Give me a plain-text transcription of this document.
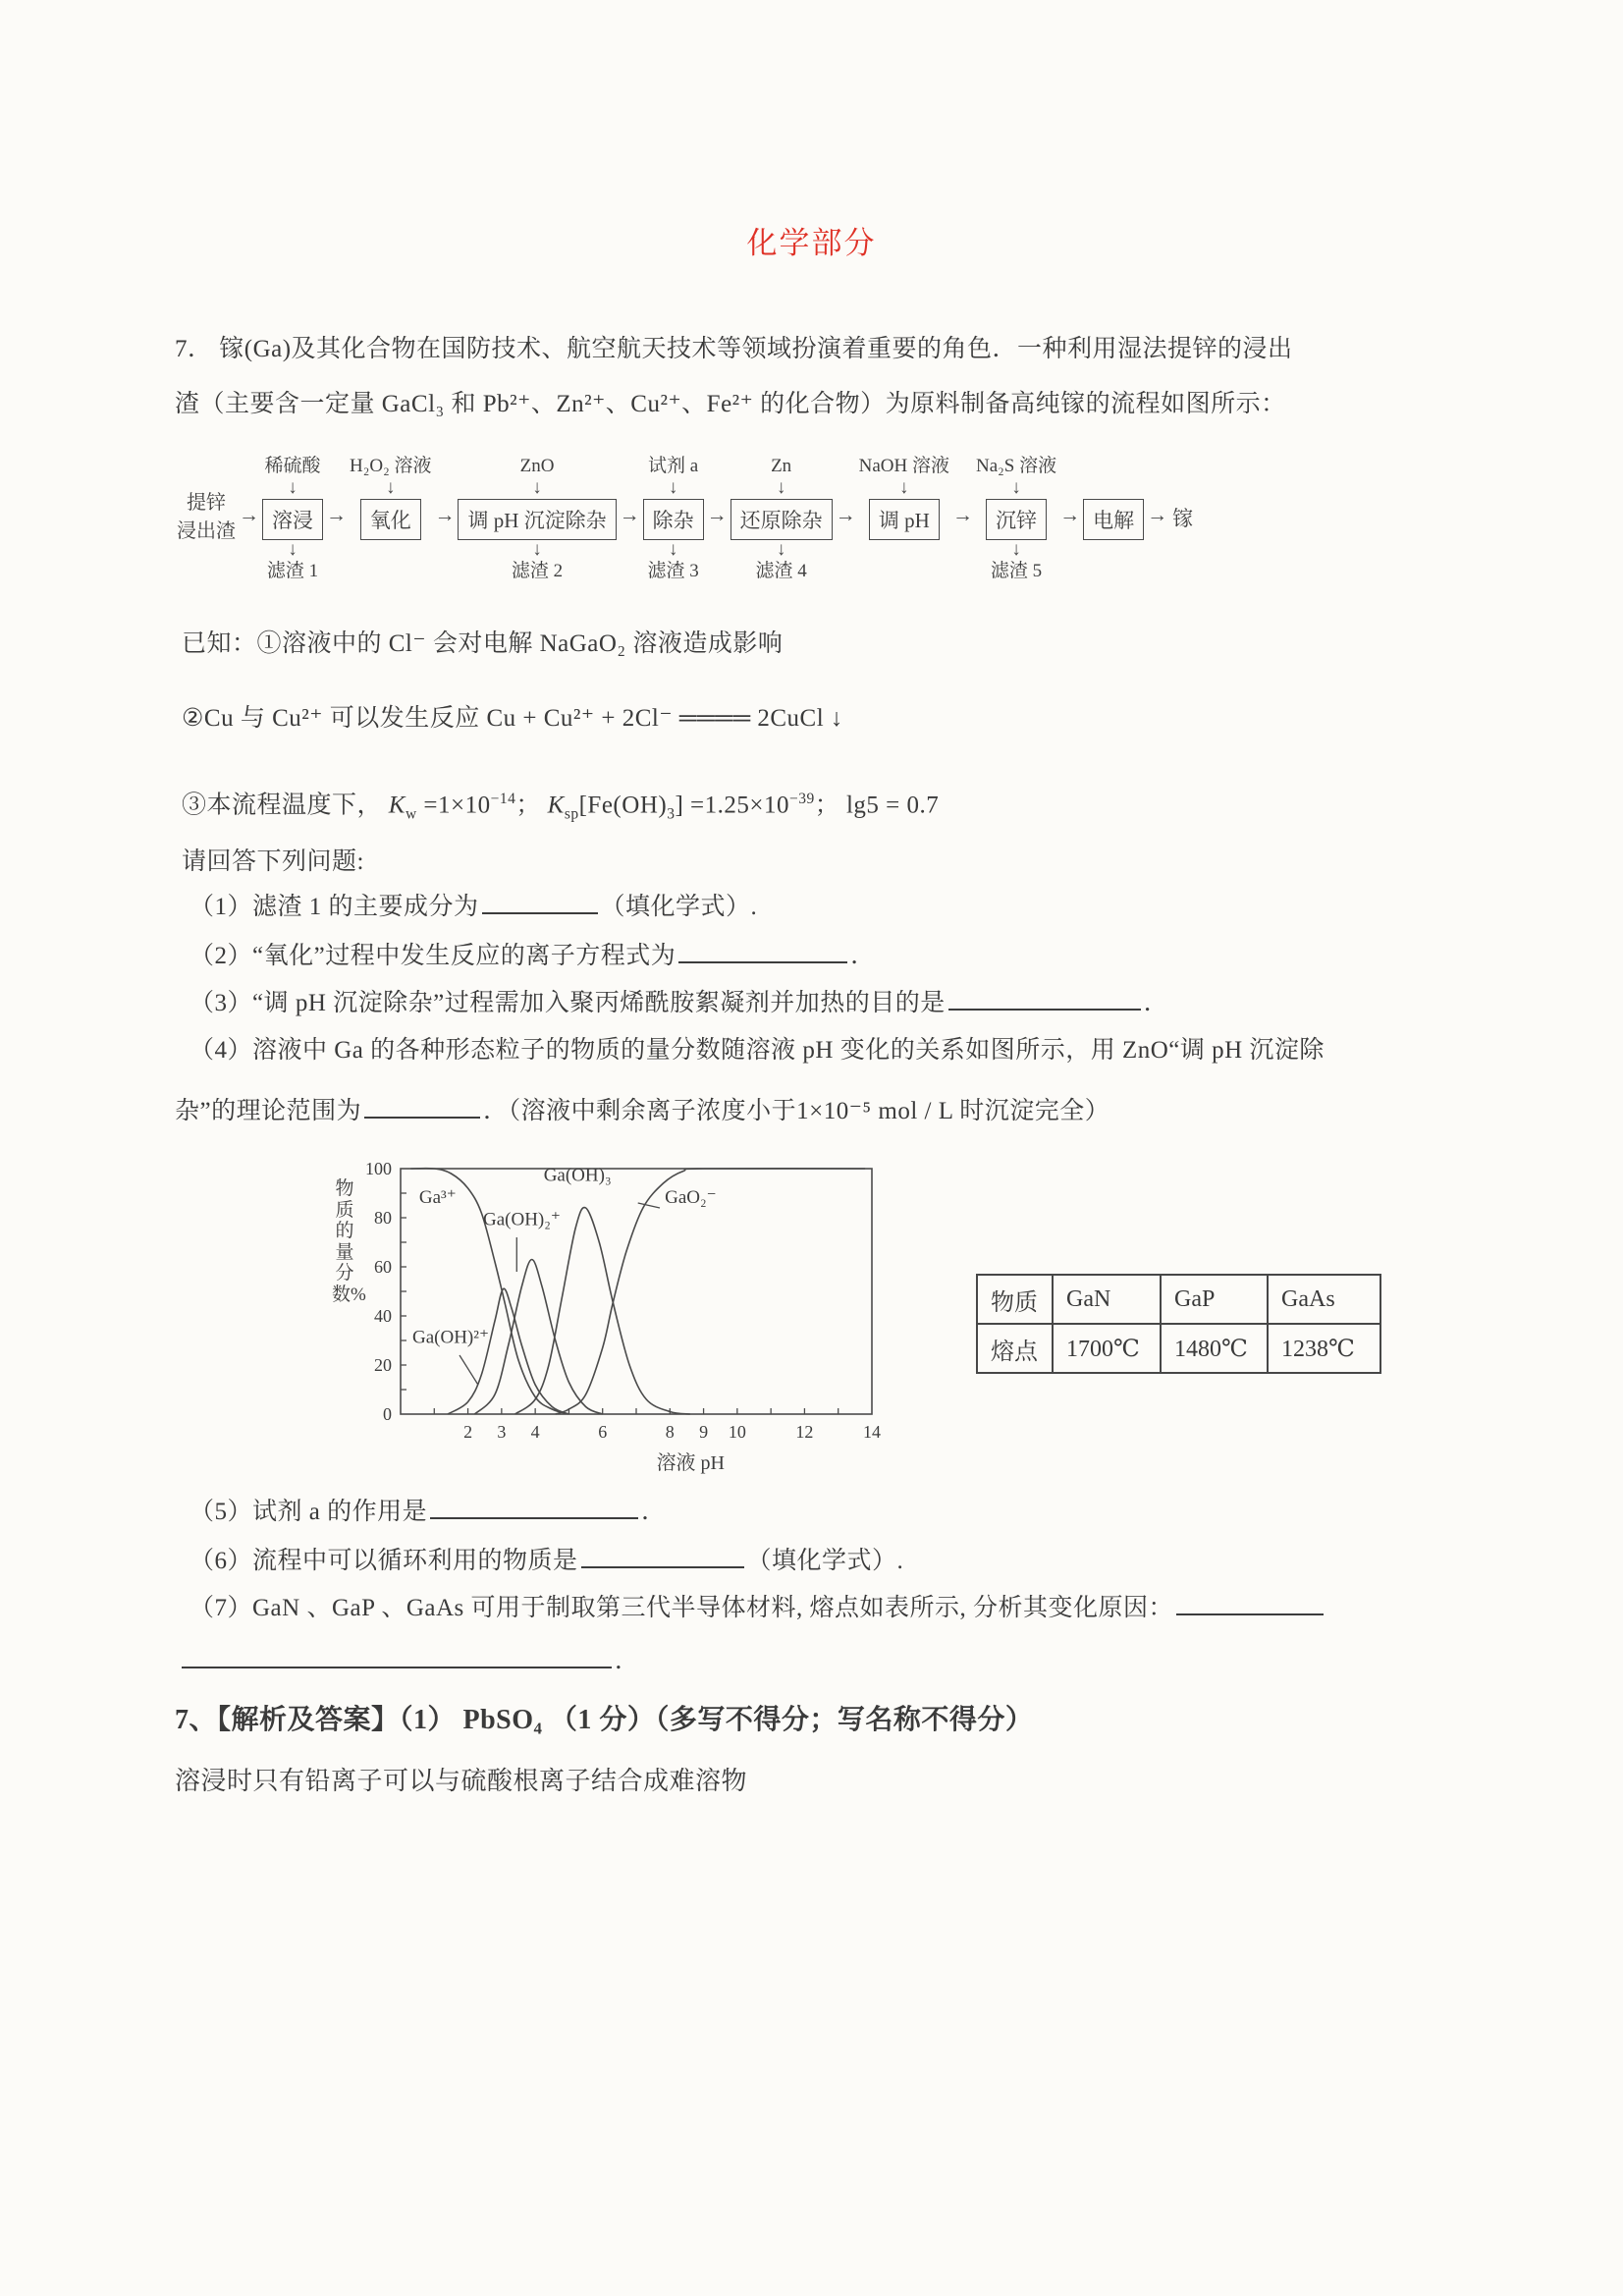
化学部分
7． 镓(Ga)及其化合物在国防技术、航空航天技术等领域扮演着重要的角色．一种利用湿法提锌的浸出
渣（主要含一定量 GaCl₃ 和 Pb²⁺、Zn²⁺、Cu²⁺、Fe²⁺ 的化合物）为原料制备高纯镓的流程如图所示：
提锌
浸出渣
→
稀硫酸
↓
溶浸
↓
滤渣 1
→
H₂O₂ 溶液
↓
氧化	→
ZnO
↓
调 pH 沉淀除杂
↓
滤渣 2
→
试剂 a
↓
除杂
↓
滤渣 3
→
Zn
↓
还原除杂
↓
滤渣 4
→
NaOH 溶液
↓
调 pH	→
Na₂S 溶液
↓
沉锌
↓
滤渣 5
→ 电解 → 镓
已知：①溶液中的 Cl⁻ 会对电解 NaGaO₂ 溶液造成影响
②Cu 与 Cu²⁺ 可以发生反应 Cu + Cu²⁺ + 2Cl⁻ ════ 2CuCl ↓
③本流程温度下， $K_w =1\times 10^{-14}$； $K_{sp}[Fe(OH)_3] =1.25\times 10^{-39}$； lg5 = 0.7
请回答下列问题:
（1）滤渣 1 的主要成分为	（填化学式）.
（2）“氧化”过程中发生反应的离子方程式为	．
（3）“调 pH 沉淀除杂”过程需加入聚丙烯酰胺絮凝剂并加热的目的是	．
（4）溶液中 Ga 的各种形态粒子的物质的量分数随溶液 pH 变化的关系如图所示，用 ZnO“调 pH 沉淀除
杂”的理论范围为	．（溶液中剩余离子浓度小于1×10⁻⁵ mol / L 时沉淀完全）
物质的量分数%
2 3 4	6	8 9 10	12	14
0
20
40
60
80
100
Ga³⁺
Ga(OH)₂⁺
Ga(OH)₃
GaO₂⁻
Ga(OH)²⁺
溶液 pH
物质	GaN	GaP	GaAs
熔点	1700℃	1480℃	1238℃
（5）试剂 a 的作用是	．
（6）流程中可以循环利用的物质是	（填化学式）.
（7）GaN 、GaP 、GaAs 可用于制取第三代半导体材料, 熔点如表所示, 分析其变化原因：
．
7、【解析及答案】（1） PbSO₄ （1 分）（多写不得分；写名称不得分）
溶浸时只有铅离子可以与硫酸根离子结合成难溶物
